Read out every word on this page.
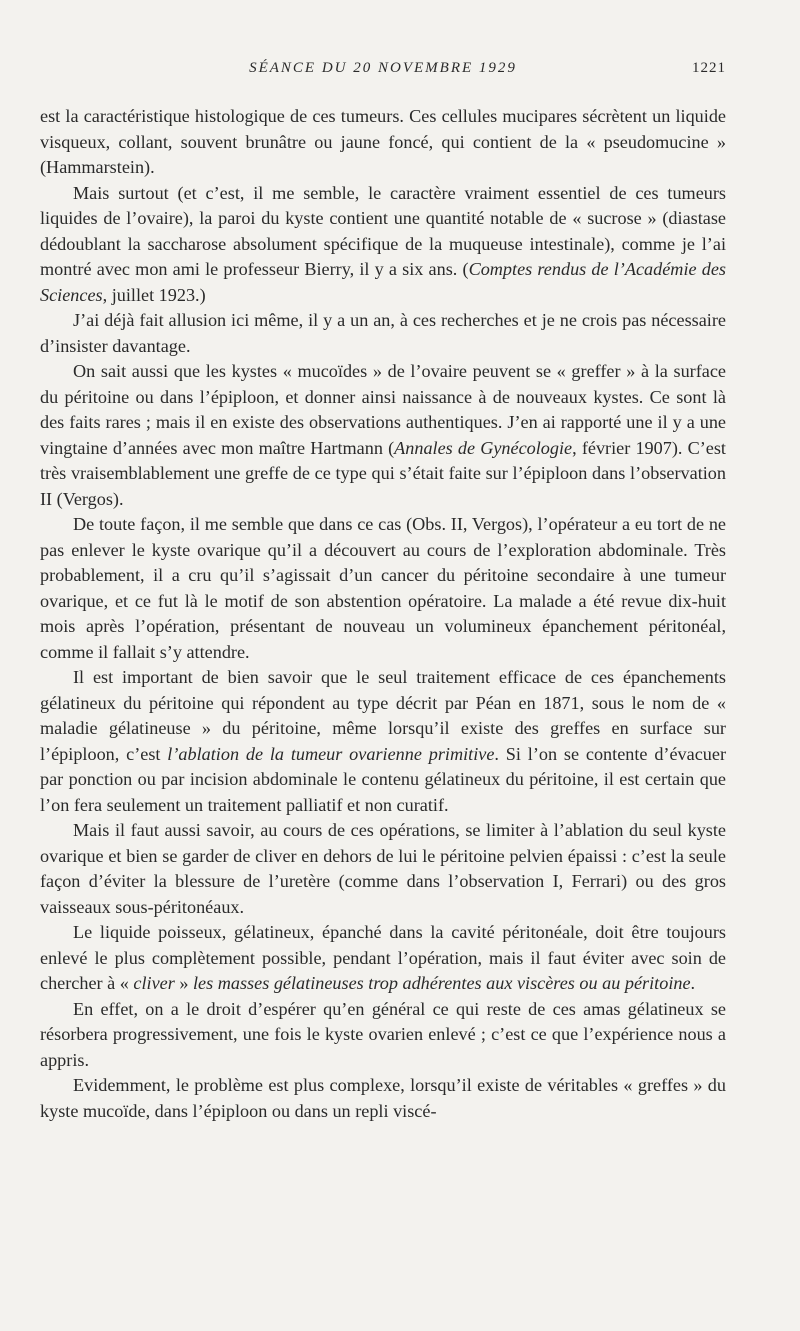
SÉANCE DU 20 NOVEMBRE 1929	1221

est la caractéristique histologique de ces tumeurs. Ces cellules mucipares sécrètent un liquide visqueux, collant, souvent brunâtre ou jaune foncé, qui contient de la « pseudomucine » (Hammarstein).

Mais surtout (et c’est, il me semble, le caractère vraiment essentiel de ces tumeurs liquides de l’ovaire), la paroi du kyste contient une quantité notable de « sucrose » (diastase dédoublant la saccharose absolument spécifique de la muqueuse intestinale), comme je l’ai montré avec mon ami le professeur Bierry, il y a six ans. (Comptes rendus de l’Académie des Sciences, juillet 1923.)

J’ai déjà fait allusion ici même, il y a un an, à ces recherches et je ne crois pas nécessaire d’insister davantage.

On sait aussi que les kystes « mucoïdes » de l’ovaire peuvent se « greffer » à la surface du péritoine ou dans l’épiploon, et donner ainsi naissance à de nouveaux kystes. Ce sont là des faits rares ; mais il en existe des observations authentiques. J’en ai rapporté une il y a une vingtaine d’années avec mon maître Hartmann (Annales de Gynécologie, février 1907). C’est très vraisemblablement une greffe de ce type qui s’était faite sur l’épiploon dans l’observation II (Vergos).

De toute façon, il me semble que dans ce cas (Obs. II, Vergos), l’opérateur a eu tort de ne pas enlever le kyste ovarique qu’il a découvert au cours de l’exploration abdominale. Très probablement, il a cru qu’il s’agissait d’un cancer du péritoine secondaire à une tumeur ovarique, et ce fut là le motif de son abstention opératoire. La malade a été revue dix-huit mois après l’opération, présentant de nouveau un volumineux épanchement péritonéal, comme il fallait s’y attendre.

Il est important de bien savoir que le seul traitement efficace de ces épanchements gélatineux du péritoine qui répondent au type décrit par Péan en 1871, sous le nom de « maladie gélatineuse » du péritoine, même lorsqu’il existe des greffes en surface sur l’épiploon, c’est l’ablation de la tumeur ovarienne primitive. Si l’on se contente d’évacuer par ponction ou par incision abdominale le contenu gélatineux du péritoine, il est certain que l’on fera seulement un traitement palliatif et non curatif.

Mais il faut aussi savoir, au cours de ces opérations, se limiter à l’ablation du seul kyste ovarique et bien se garder de cliver en dehors de lui le péritoine pelvien épaissi : c’est la seule façon d’éviter la blessure de l’uretère (comme dans l’observation I, Ferrari) ou des gros vaisseaux sous-péritonéaux.

Le liquide poisseux, gélatineux, épanché dans la cavité péritonéale, doit être toujours enlevé le plus complètement possible, pendant l’opération, mais il faut éviter avec soin de chercher à « cliver » les masses gélatineuses trop adhérentes aux viscères ou au péritoine.

En effet, on a le droit d’espérer qu’en général ce qui reste de ces amas gélatineux se résorbera progressivement, une fois le kyste ovarien enlevé ; c’est ce que l’expérience nous a appris.

Evidemment, le problème est plus complexe, lorsqu’il existe de véritables « greffes » du kyste mucoïde, dans l’épiploon ou dans un repli viscé-
